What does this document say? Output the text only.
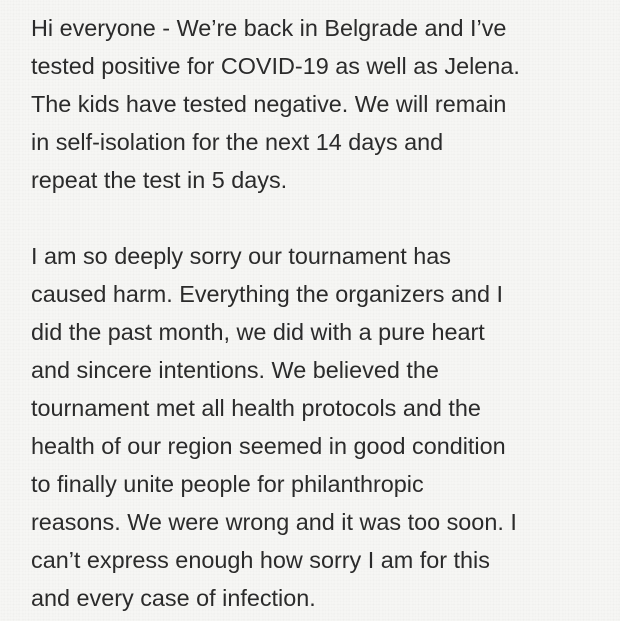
Hi everyone - We’re back in Belgrade and I’ve
tested positive for COVID-19 as well as Jelena.
The kids have tested negative. We will remain
in self-isolation for the next 14 days and
repeat the test in 5 days.
I am so deeply sorry our tournament has
caused harm. Everything the organizers and I
did the past month, we did with a pure heart
and sincere intentions. We believed the
tournament met all health protocols and the
health of our region seemed in good condition
to finally unite people for philanthropic
reasons. We were wrong and it was too soon. I
can’t express enough how sorry I am for this
and every case of infection.
